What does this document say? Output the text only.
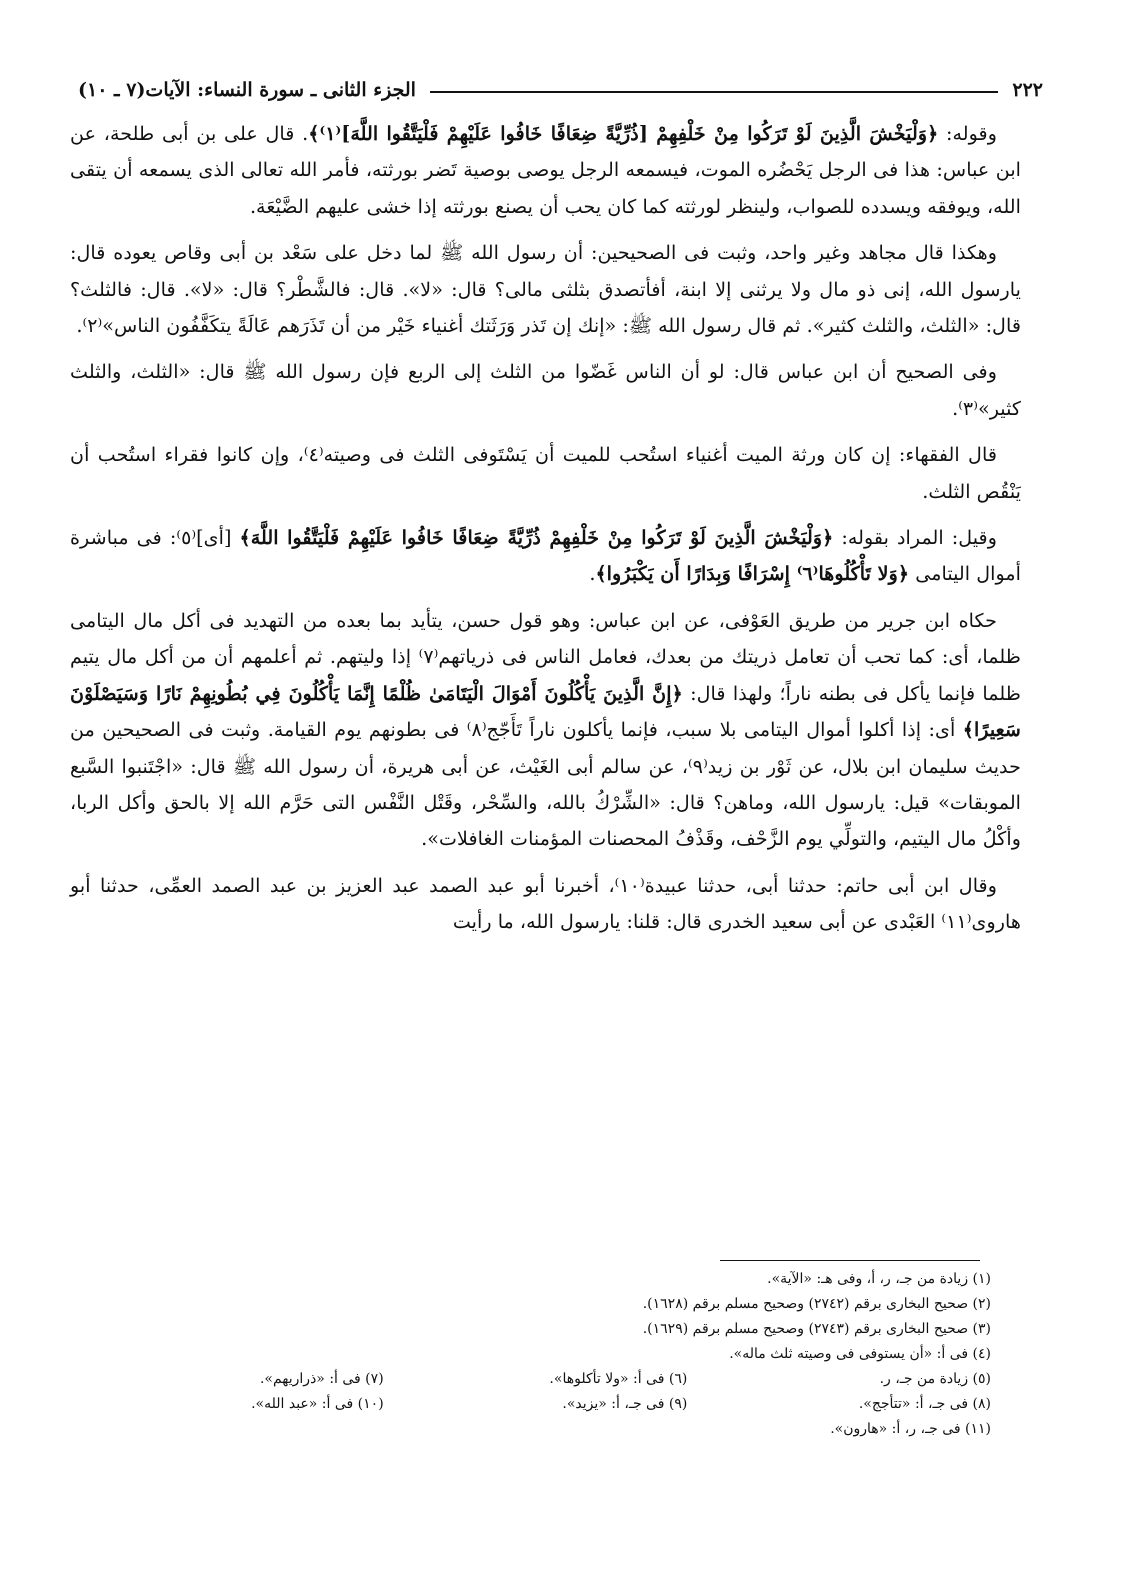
٢٢٢
الجزء الثانى ـ سورة النساء: الآيات(٧ ـ ١٠)

وقوله: ﴿وَلْيَخْشَ الَّذِينَ لَوْ تَرَكُوا مِنْ خَلْفِهِمْ [ذُرِّيَّةً ضِعَافًا خَافُوا عَلَيْهِمْ فَلْيَتَّقُوا اللَّهَ]⁽١⁾﴾. قال على بن أبى طلحة، عن ابن عباس: هذا فى الرجل يَحْضُره الموت، فيسمعه الرجل يوصى بوصية تَضر بورثته، فأمر الله تعالى الذى يسمعه أن يتقى الله، ويوفقه ويسدده للصواب، ولينظر لورثته كما كان يحب أن يصنع بورثته إذا خشى عليهم الضَّيْعَة.

وهكذا قال مجاهد وغير واحد، وثبت فى الصحيحين: أن رسول الله ﷺ لما دخل على سَعْد بن أبى وقاص يعوده قال: يارسول الله، إنى ذو مال ولا يرثنى إلا ابنة، أفأتصدق بثلثى مالى؟ قال: «لا». قال: فالشَّطْر؟ قال: «لا». قال: فالثلث؟ قال: «الثلث، والثلث كثير». ثم قال رسول الله ﷺ: «إنك إن تَذر وَرَثَتك أغنياء خَيْر من أن تَذَرَهم عَالَةً يتكَفَّفُون الناس»⁽٢⁾.

وفى الصحيح أن ابن عباس قال: لو أن الناس غَضّوا من الثلث إلى الربع فإن رسول الله ﷺ قال: «الثلث، والثلث كثير»⁽٣⁾.

قال الفقهاء: إن كان ورثة الميت أغنياء استُحب للميت أن يَسْتَوفى الثلث فى وصيته⁽٤⁾، وإن كانوا فقراء استُحب أن يَنْقُص الثلث.

وقيل: المراد بقوله: ﴿وَلْيَخْشَ الَّذِينَ لَوْ تَرَكُوا مِنْ خَلْفِهِمْ ذُرِّيَّةً ضِعَافًا خَافُوا عَلَيْهِمْ فَلْيَتَّقُوا اللَّهَ﴾ [أى]⁽٥⁾: فى مباشرة أموال اليتامى ﴿وَلا تَأْكُلُوهَا⁽٦⁾ إِسْرَافًا وَبِدَارًا أَن يَكْبَرُوا﴾.

حكاه ابن جرير من طريق العَوْفى، عن ابن عباس: وهو قول حسن، يتأيد بما بعده من التهديد فى أكل مال اليتامى ظلما، أى: كما تحب أن تعامل ذريتك من بعدك، فعامل الناس فى ذرياتهم⁽٧⁾ إذا وليتهم. ثم أعلمهم أن من أكل مال يتيم ظلما فإنما يأكل فى بطنه ناراً؛ ولهذا قال: ﴿إِنَّ الَّذِينَ يَأْكُلُونَ أَمْوَالَ الْيَتَامَىٰ ظُلْمًا إِنَّمَا يَأْكُلُونَ فِي بُطُونِهِمْ نَارًا وَسَيَصْلَوْنَ سَعِيرًا﴾ أى: إذا أكلوا أموال اليتامى بلا سبب، فإنما يأكلون ناراً تَأَجّج⁽٨⁾ فى بطونهم يوم القيامة. وثبت فى الصحيحين من حديث سليمان ابن بلال، عن ثَوْر بن زيد⁽٩⁾، عن سالم أبى الغَيْث، عن أبى هريرة، أن رسول الله ﷺ قال: «اجْتَنبوا السَّبع الموبقات» قيل: يارسول الله، وماهن؟ قال: «الشِّرْكُ بالله، والسِّحْر، وقَتْل النَّفْس التى حَرَّم الله إلا بالحق وأكل الربا، وأكْلُ مال اليتيم، والتولِّي يوم الزَّحْف، وقَذْفُ المحصنات المؤمنات الغافلات».

وقال ابن أبى حاتم: حدثنا أبى، حدثنا عبيدة⁽١٠⁾، أخبرنا أبو عبد الصمد عبد العزيز بن عبد الصمد العمِّى، حدثنا أبو هاروى⁽١١⁾ العَبْدى عن أبى سعيد الخدرى قال: قلنا: يارسول الله، ما رأيت

(١) زيادة من جـ، ر، أ، وفى هـ: «الآية».
(٢) صحيح البخارى برقم (٢٧٤٢) وصحيح مسلم برقم (١٦٢٨).
(٣) صحيح البخارى برقم (٢٧٤٣) وصحيح مسلم برقم (١٦٢٩).
(٤) فى أ: «أن يستوفى فى وصيته ثلث ماله».
(٥) زيادة من جـ، ر.
(٦) فى أ: «ولا تأكلوها».
(٧) فى أ: «ذراريهم».
(٨) فى جـ، أ: «تتأجج».
(٩) فى جـ، أ: «يزيد».
(١٠) فى أ: «عبد الله».
(١١) فى جـ، ر، أ: «هارون».
